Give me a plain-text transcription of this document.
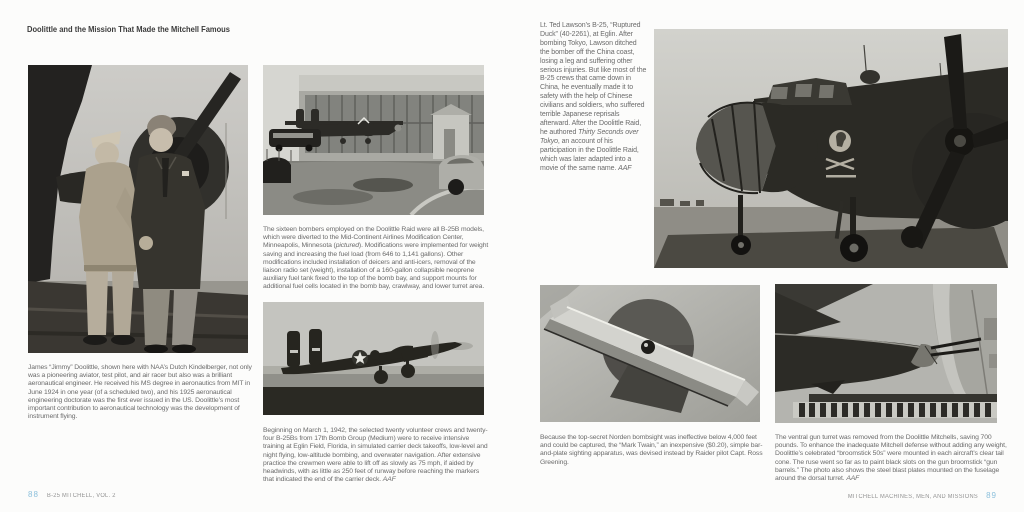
Doolittle and the Mission That Made the Mitchell Famous

James “Jimmy” Doolittle, shown here with NAA’s Dutch Kindelberger, not only was a pioneering aviator, test pilot, and air racer but also was a brilliant aeronautical engineer. He received his MS degree in aeronautics from MIT in June 1924 in one year (of a scheduled two), and his 1925 aeronautical engineering doctorate was the first ever issued in the US. Doolittle’s most important contribution to aeronautical technology was the development of instrument flying.

The sixteen bombers employed on the Doolittle Raid were all B-25B models, which were diverted to the Mid-Continent Airlines Modification Center, Minneapolis, Minnesota (pictured). Modifications were implemented for weight saving and increasing the fuel load (from 646 to 1,141 gallons). Other modifications included installation of deicers and anti-icers, removal of the liaison radio set (weight), installation of a 160-gallon collapsible neoprene auxiliary fuel tank fixed to the top of the bomb bay, and support mounts for additional fuel cells located in the bomb bay, crawlway, and lower turret area.

Beginning on March 1, 1942, the selected twenty volunteer crews and twenty-four B-25Bs from 17th Bomb Group (Medium) were to receive intensive training at Eglin Field, Florida, in simulated carrier deck takeoffs, low-level and night flying, low-altitude bombing, and overwater navigation. After extensive practice the crewmen were able to lift off as slowly as 75 mph, if aided by headwinds, with as little as 250 feet of runway before reaching the markers that indicated the end of the carrier deck. AAF

88 B-25 MITCHELL, VOL. 2

Lt. Ted Lawson’s B-25, “Ruptured Duck” (40-2261), at Eglin. After bombing Tokyo, Lawson ditched the bomber off the China coast, losing a leg and suffering other serious injuries. But like most of the B-25 crews that came down in China, he eventually made it to safety with the help of Chinese civilians and soldiers, who suffered terrible Japanese reprisals afterward. After the Doolittle Raid, he authored Thirty Seconds over Tokyo, an account of his participation in the Doolittle Raid, which was later adapted into a movie of the same name. AAF

Because the top-secret Norden bombsight was ineffective below 4,000 feet and could be captured, the “Mark Twain,” an inexpensive ($0.20), simple bar-and-plate sighting apparatus, was devised instead by Raider pilot Capt. Ross Greening.

The ventral gun turret was removed from the Doolittle Mitchells, saving 700 pounds. To enhance the inadequate Mitchell defense without adding any weight, Doolittle’s celebrated “broomstick 50s” were mounted in each aircraft’s clear tail cone. The ruse went so far as to paint black slots on the gun broomstick “gun barrels.” The photo also shows the steel blast plates mounted on the fuselage around the dorsal turret. AAF

MITCHELL MACHINES, MEN, AND MISSIONS 89
